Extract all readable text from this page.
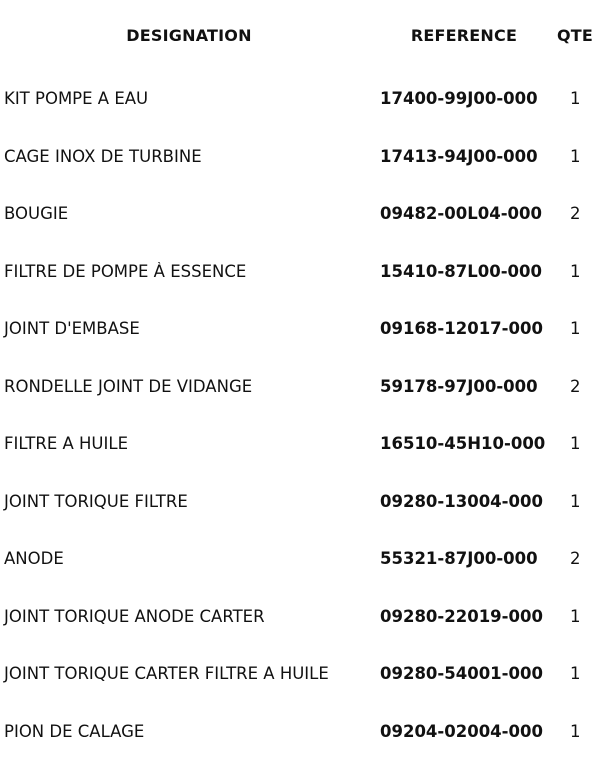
DESIGNATION	REFERENCE	QTE
KIT POMPE A EAU	17400-99J00-000	1
CAGE INOX DE TURBINE	17413-94J00-000	1
BOUGIE	09482-00L04-000	2
FILTRE DE POMPE À ESSENCE	15410-87L00-000	1
JOINT D'EMBASE	09168-12017-000	1
RONDELLE JOINT DE VIDANGE	59178-97J00-000	2
FILTRE A HUILE	16510-45H10-000	1
JOINT TORIQUE FILTRE	09280-13004-000	1
ANODE	55321-87J00-000	2
JOINT TORIQUE ANODE CARTER	09280-22019-000	1
JOINT TORIQUE CARTER FILTRE A HUILE	09280-54001-000	1
PION DE CALAGE	09204-02004-000	1
